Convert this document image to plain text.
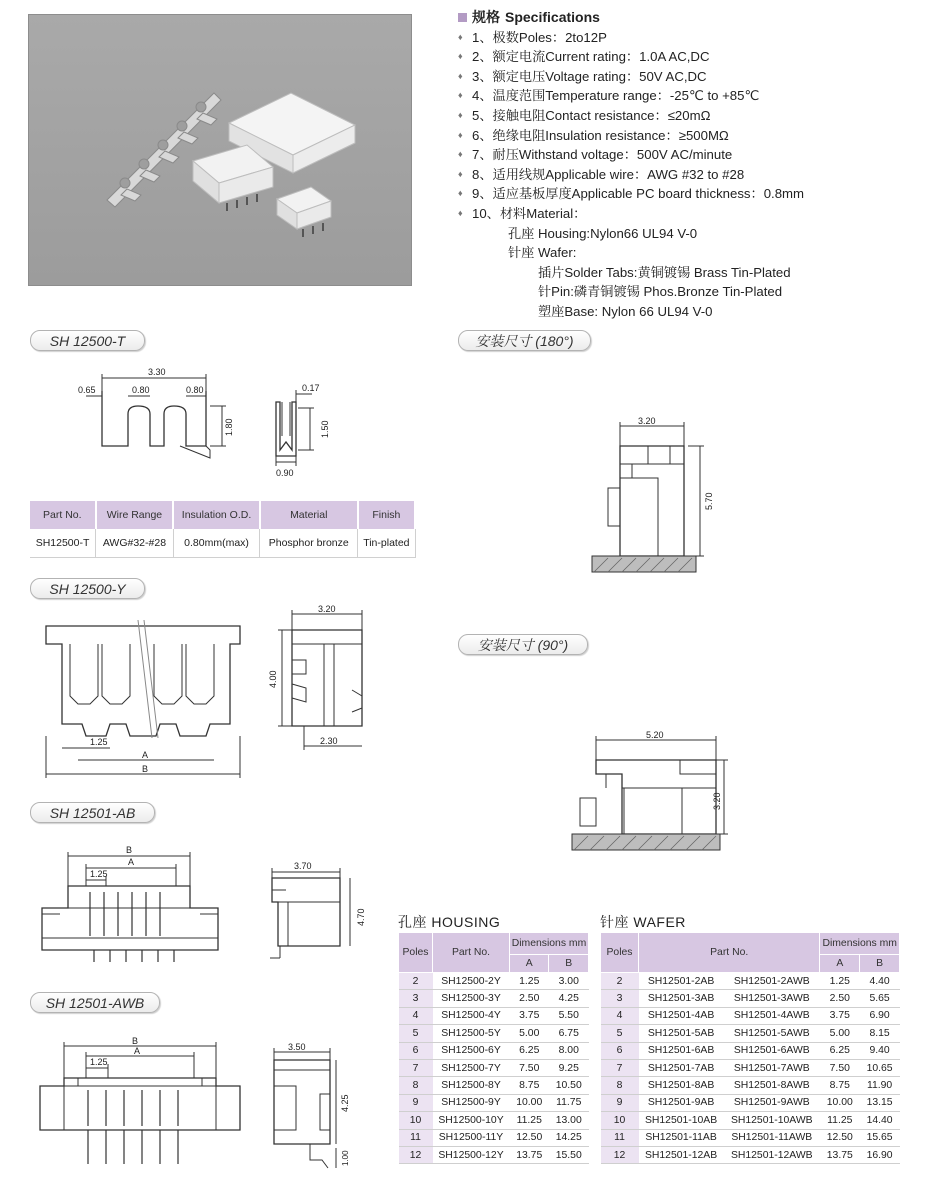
规格 Specifications
♦ 1、 极数 Poles ： 2to12P
♦ 2、 额定电流 Current rating ： 1.0A AC,DC
♦ 3、 额定电压 Voltage rating ： 50V AC,DC
♦ 4、 温度范围 Temperature range ： -25℃ to +85℃
♦ 5、 接触电阻 Contact resistance ： ≤20mΩ
♦ 6、 绝缘电阻 Insulation resistance ： ≥500MΩ
♦ 7、 耐压 Withstand voltage ： 500V AC/minute
♦ 8、 适用线规 Applicable wire ： AWG #32 to #28
♦ 9、 适应基板厚度 Applicable PC board thickness ： 0.8mm
♦ 10、 材料 Material ：
孔座 Housing:Nylon66 UL94 V-0
针座 Wafer:
插片Solder Tabs:黄铜镀锡 Brass Tin-Plated
针Pin:磷青铜镀锡 Phos.Bronze Tin-Plated
塑座Base: Nylon 66 UL94 V-0
SH 12500-T	安装尺寸 (180°)
SH 12500-Y
安装尺寸 (90°)
SH 12501-AB
SH 12501-AWB
3.30
0.65	0.80	0.80
1.80
0.17
1.50
0.90
Part No.	Wire Range	Insulation O.D.	Material	Finish
SH12500-T	AWG#32-#28	0.80mm(max)	Phosphor bronze	Tin-plated
3.20
5.70
3.20
4.00
2.30
1.25
A
B
5.20
3.20
B
A
1.25
3.70
4.70
B
A
1.25
3.50
4.25
1.00
孔座 HOUSING
Poles	Part No.	Dimensions mm	
		A	B
2	SH12500-2Y	1.25	3.00
3	SH12500-3Y	2.50	4.25
4	SH12500-4Y	3.75	5.50
5	SH12500-5Y	5.00	6.75
6	SH12500-6Y	6.25	8.00
7	SH12500-7Y	7.50	9.25
8	SH12500-8Y	8.75	10.50
9	SH12500-9Y	10.00	11.75
10	SH12500-10Y	11.25	13.00
11	SH12500-11Y	12.50	14.25
12	SH12500-12Y	13.75	15.50
针座 WAFER
Poles	Part No.		Dimensions mm	
			A	B
2	SH12501-2AB	SH12501-2AWB	1.25	4.40
3	SH12501-3AB	SH12501-3AWB	2.50	5.65
4	SH12501-4AB	SH12501-4AWB	3.75	6.90
5	SH12501-5AB	SH12501-5AWB	5.00	8.15
6	SH12501-6AB	SH12501-6AWB	6.25	9.40
7	SH12501-7AB	SH12501-7AWB	7.50	10.65
8	SH12501-8AB	SH12501-8AWB	8.75	11.90
9	SH12501-9AB	SH12501-9AWB	10.00	13.15
10	SH12501-10AB	SH12501-10AWB	11.25	14.40
11	SH12501-11AB	SH12501-11AWB	12.50	15.65
12	SH12501-12AB	SH12501-12AWB	13.75	16.90
